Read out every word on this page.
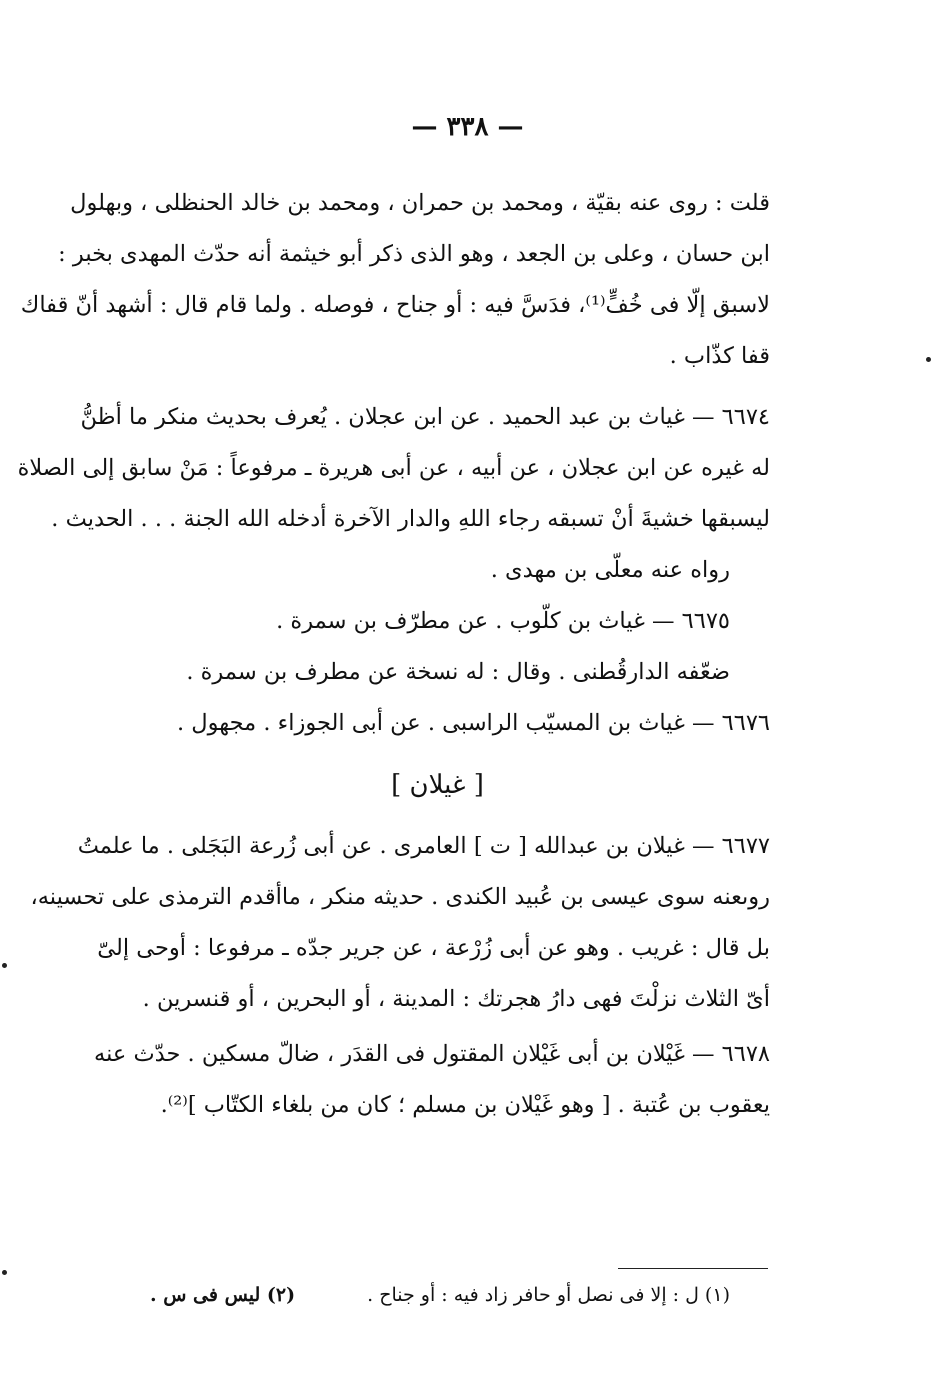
— ٣٣٨ —
قلت : روى عنه بقيّة ، ومحمد بن حمران ، ومحمد بن خالد الحنظلى ، وبهلول
ابن حسان ، وعلى بن الجعد ، وهو الذى ذكر أبو خيثمة أنه حدّث المهدى بخبر :
لاسبق إلّا فى خُفٍّ⁽¹⁾، فدَسَّ فيه : أو جناح ، فوصله . ولما قام قال : أشهد أنّ قفاك
قفا كذّاب .
٦٦٧٤ — غياث بن عبد الحميد . عن ابن عجلان . يُعرف بحديث منكر ما أظنُّ
له غيره عن ابن عجلان ، عن أبيه ، عن أبى هريرة ـ مرفوعاً : مَنْ سابق إلى الصلاة
ليسبقها خشيةَ أنْ تسبقه رجاء اللهِ والدار الآخرة أدخله الله الجنة . . . الحديث .
رواه عنه معلّى بن مهدى .
٦٦٧٥ — غياث بن كلّوب . عن مطرّف بن سمرة .
ضعّفه الدارقُطنى . وقال : له نسخة عن مطرف بن سمرة .
٦٦٧٦ — غياث بن المسيّب الراسبى . عن أبى الجوزاء . مجهول .
[ غيلان ]
٦٦٧٧ — غيلان بن عبدالله [ ت ] العامرى . عن أبى زُرعة البَجَلى . ما علمتُ
روىعنه سوى عيسى بن عُبيد الكندى . حديثه منكر ، ماأقدم الترمذى على تحسينه،
بل قال : غريب . وهو عن أبى زُرْعة ، عن جرير جدّه ـ مرفوعا : أوحى إلىّ
أىّ الثلاث نزلْتَ فهى دارُ هجرتك : المدينة ، أو البحرين ، أو قنسرين .
٦٦٧٨ — غَيْلان بن أبى غَيْلان المقتول فى القدَر ، ضالّ مسكين . حدّث عنه
يعقوب بن عُتبة . [ وهو غَيْلان بن مسلم ؛ كان من بلغاء الكتّاب ]⁽²⁾.
(١) ل : إلا فى نصل أو حافر زاد فيه : أو جناح .
(٢) ليس فى س .
